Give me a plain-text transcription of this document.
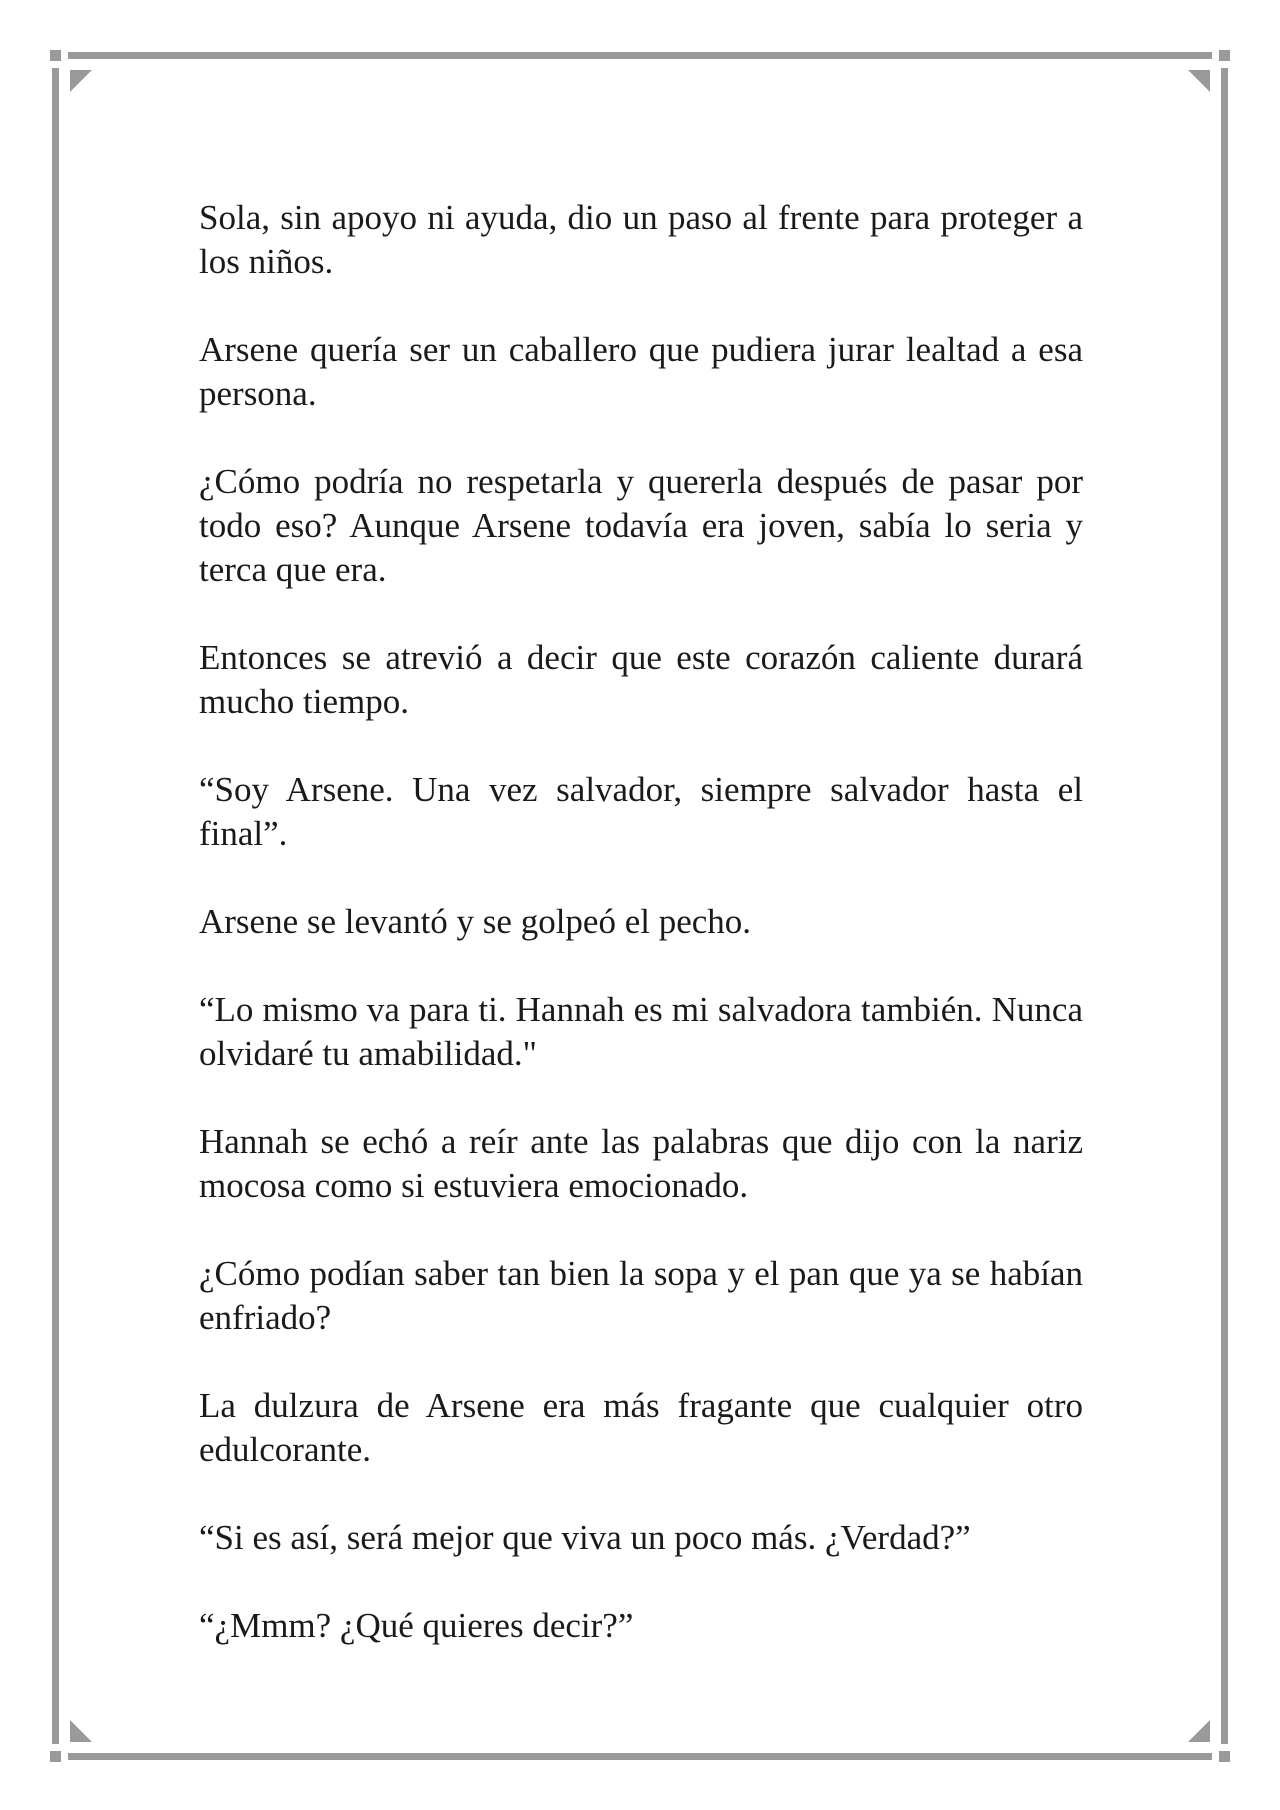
Sola, sin apoyo ni ayuda, dio un paso al frente para proteger a los niños.

Arsene quería ser un caballero que pudiera jurar lealtad a esa persona.

¿Cómo podría no respetarla y quererla después de pasar por todo eso? Aunque Arsene todavía era joven, sabía lo seria y terca que era.

Entonces se atrevió a decir que este corazón caliente durará mucho tiempo.

“Soy Arsene. Una vez salvador, siempre salvador hasta el final”.

Arsene se levantó y se golpeó el pecho.

“Lo mismo va para ti. Hannah es mi salvadora también. Nunca olvidaré tu amabilidad."

Hannah se echó a reír ante las palabras que dijo con la nariz mocosa como si estuviera emocionado.

¿Cómo podían saber tan bien la sopa y el pan que ya se habían enfriado?

La dulzura de Arsene era más fragante que cualquier otro edulcorante.

“Si es así, será mejor que viva un poco más. ¿Verdad?”

“¿Mmm? ¿Qué quieres decir?”
